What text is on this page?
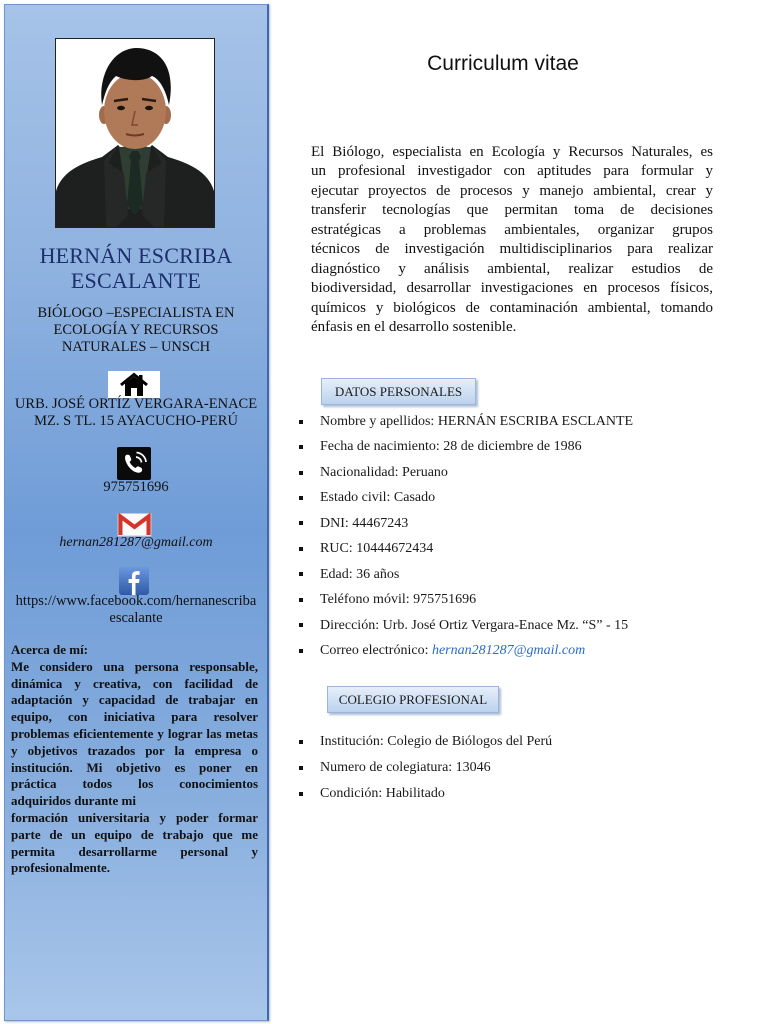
HERNÁN ESCRIBA ESCALANTE
BIÓLOGO –ESPECIALISTA EN
ECOLOGÍA Y RECURSOS
NATURALES – UNSCH
URB. JOSÉ ORTÍZ VERGARA-ENACE
MZ. S TL. 15 AYACUCHO-PERÚ
975751696
hernan281287@gmail.com
https://www.facebook.com/hernanescriba
escalante
Acerca de mí:
Me considero una persona responsable,
dinámica y creativa, con facilidad de
adaptación y capacidad de trabajar en
equipo, con iniciativa para resolver
problemas eficientemente y lograr las metas
y objetivos trazados por la empresa o
institución. Mi objetivo es poner en
práctica todos los conocimientos
adquiridos durante mi
formación universitaria y poder formar
parte de un equipo de trabajo que me
permita desarrollarme personal y
profesionalmente.
Curriculum vitae
El Biólogo, especialista en Ecología y Recursos Naturales, es
un profesional investigador con aptitudes para formular y
ejecutar proyectos de procesos y manejo ambiental, crear y
transferir tecnologías que permitan toma de decisiones
estratégicas a problemas ambientales, organizar grupos
técnicos de investigación multidisciplinarios para realizar
diagnóstico y análisis ambiental, realizar estudios de
biodiversidad, desarrollar investigaciones en procesos físicos,
químicos y biológicos de contaminación ambiental, tomando
énfasis en el desarrollo sostenible.
DATOS PERSONALES
Nombre y apellidos: HERNÁN ESCRIBA ESCLANTE
Fecha de nacimiento: 28 de diciembre de 1986
Nacionalidad: Peruano
Estado civil: Casado
DNI: 44467243
RUC: 10444672434
Edad: 36 años
Teléfono móvil: 975751696
Dirección: Urb. José Ortiz Vergara-Enace Mz. “S” - 15
Correo electrónico: hernan281287@gmail.com
COLEGIO PROFESIONAL
Institución: Colegio de Biólogos del Perú
Numero de colegiatura: 13046
Condición: Habilitado
